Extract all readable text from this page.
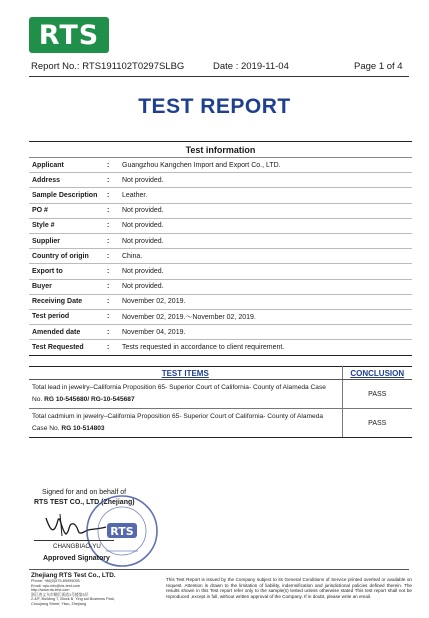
RTS
Report No.: RTS191102T0297SLBG	Date : 2019-11-04	Page 1 of 4
TEST REPORT
Test information
Applicant	:	Guangzhou Kangchen Import and Export Co., LTD.
Address	:	Not provided.
Sample Description	:	Leather.
PO #	:	Not provided.
Style #	:	Not provided.
Supplier	:	Not provided.
Country of origin	:	China.
Export to	:	Not provided.
Buyer	:	Not provided.
Receiving Date	:	November 02, 2019.
Test period	:	November 02, 2019.～November 02, 2019.
Amended date	:	November 04, 2019.
Test Requested	:	Tests requested in accordance to client requirement.
TEST ITEMS	CONCLUSION
Total lead in jewelry–California Proposition 65- Superior Court of California- County of Alameda Case
No. RG 10-545680/ RG-10-545687	PASS
Total cadmium in jewelry–California Proposition 65- Superior Court of California- County of Alameda
Case No. RG 10-514803	PASS
Signed for and on behalf of
RTS TEST CO., LTD.(Zhejiang)
RTS
CHANGBIAO-YU
Approved Signatory
Zhejiang RTS Test Co., LTD.
Phone: +86(0)579-89995093
Email: rqlu-info@rts-test.com
http://www.rts-test.com
浙江省义乌市稠江街道1号楼第5层
2-4/F, Building 7, Block B, Ying sai Business Park,
Choujiang Street, Yiwu, Zhejiang
This Test Report is issued by the Company subject to its General Conditions of Service printed overleaf or available on request. Attention is drawn to the limitation of liability, indemnification and jurisdictional policies defined therein. The results shown in this Test report refer only to the sample(s) tested unless otherwise stated This test report shall not be reproduced ,except in full, without written approval of the Company. If in doubt, please write an email.
